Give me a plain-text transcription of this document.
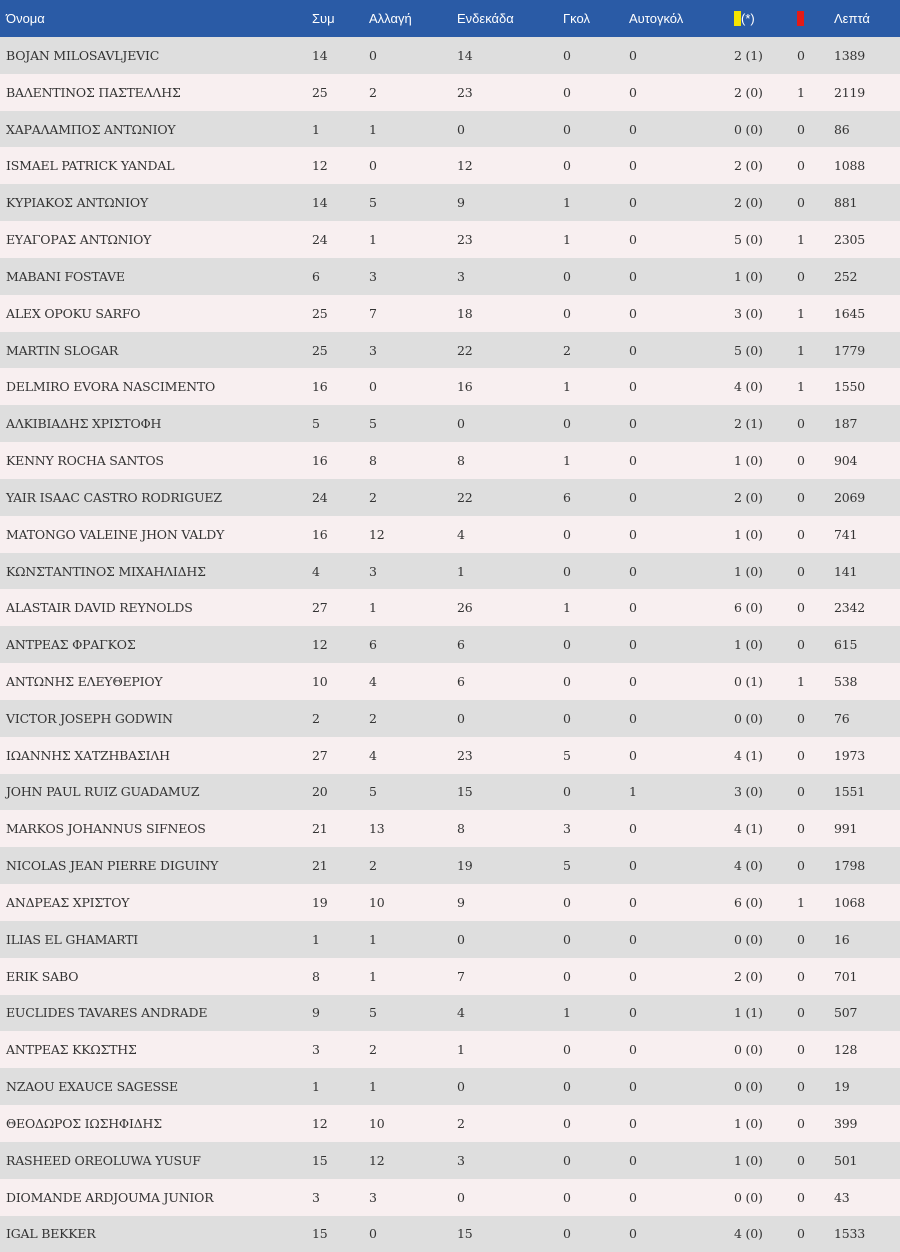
Όνομα	Συμ	Αλλαγή	Ενδεκάδα	Γκολ	Αυτογκόλ	(*)		Λεπτά
BOJAN MILOSAVLJEVIC	14	0	14	0	0	2 (1)	0	1389
ΒΑΛΕΝΤΙΝΟΣ ΠΑΣΤΕΛΛΗΣ	25	2	23	0	0	2 (0)	1	2119
ΧΑΡΑΛΑΜΠΟΣ ΑΝΤΩΝΙΟΥ	1	1	0	0	0	0 (0)	0	86
ISMAEL PATRICK YANDAL	12	0	12	0	0	2 (0)	0	1088
ΚΥΡΙΑΚΟΣ ΑΝΤΩΝΙΟΥ	14	5	9	1	0	2 (0)	0	881
ΕΥΑΓΟΡΑΣ ΑΝΤΩΝΙΟΥ	24	1	23	1	0	5 (0)	1	2305
MABANI FOSTAVE	6	3	3	0	0	1 (0)	0	252
ALEX OPOKU SARFO	25	7	18	0	0	3 (0)	1	1645
MARTIN SLOGAR	25	3	22	2	0	5 (0)	1	1779
DELMIRO EVORA NASCIMENTO	16	0	16	1	0	4 (0)	1	1550
ΑΛΚΙΒΙΑΔΗΣ ΧΡΙΣΤΟΦΗ	5	5	0	0	0	2 (1)	0	187
KENNY ROCHA SANTOS	16	8	8	1	0	1 (0)	0	904
YAIR ISAAC CASTRO RODRIGUEZ	24	2	22	6	0	2 (0)	0	2069
MATONGO VALEINE JHON VALDY	16	12	4	0	0	1 (0)	0	741
ΚΩΝΣΤΑΝΤΙΝΟΣ ΜΙΧΑΗΛΙΔΗΣ	4	3	1	0	0	1 (0)	0	141
ALASTAIR DAVID REYNOLDS	27	1	26	1	0	6 (0)	0	2342
ΑΝΤΡΕΑΣ ΦΡΑΓΚΟΣ	12	6	6	0	0	1 (0)	0	615
ΑΝΤΩΝΗΣ ΕΛΕΥΘΕΡΙΟΥ	10	4	6	0	0	0 (1)	1	538
VICTOR JOSEPH GODWIN	2	2	0	0	0	0 (0)	0	76
ΙΩΑΝΝΗΣ ΧΑΤΖΗΒΑΣΙΛΗ	27	4	23	5	0	4 (1)	0	1973
JOHN PAUL RUIZ GUADAMUZ	20	5	15	0	1	3 (0)	0	1551
MARKOS JOHANNUS SIFNEOS	21	13	8	3	0	4 (1)	0	991
NICOLAS JEAN PIERRE DIGUINY	21	2	19	5	0	4 (0)	0	1798
ΑΝΔΡΕΑΣ ΧΡΙΣΤΟΥ	19	10	9	0	0	6 (0)	1	1068
ILIAS EL GHAMARTI	1	1	0	0	0	0 (0)	0	16
ERIK SABO	8	1	7	0	0	2 (0)	0	701
EUCLIDES TAVARES ANDRADE	9	5	4	1	0	1 (1)	0	507
ΑΝΤΡΕΑΣ ΚΚΩΣΤΗΣ	3	2	1	0	0	0 (0)	0	128
NZAOU EXAUCE SAGESSE	1	1	0	0	0	0 (0)	0	19
ΘΕΟΔΩΡΟΣ ΙΩΣΗΦΙΔΗΣ	12	10	2	0	0	1 (0)	0	399
RASHEED OREOLUWA YUSUF	15	12	3	0	0	1 (0)	0	501
DIOMANDE ARDJOUMA JUNIOR	3	3	0	0	0	0 (0)	0	43
IGAL BEKKER	15	0	15	0	0	4 (0)	0	1533
